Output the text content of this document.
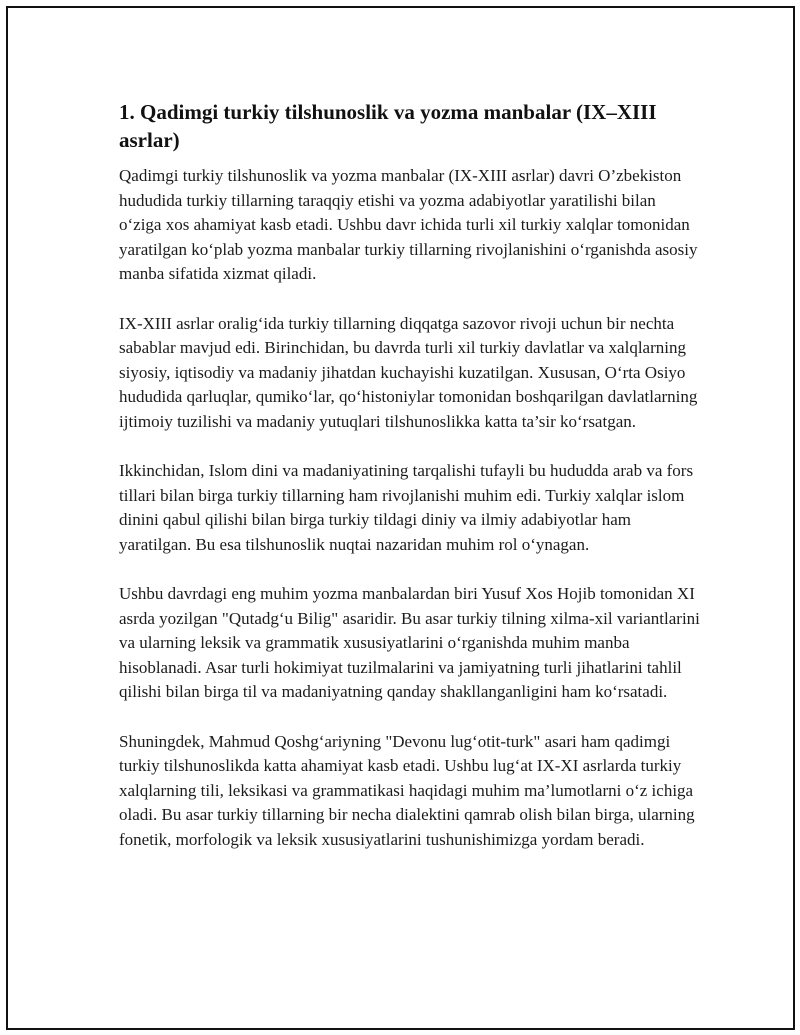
1. Qadimgi turkiy tilshunoslik va yozma manbalar (IX–XIII asrlar)

Qadimgi turkiy tilshunoslik va yozma manbalar (IX-XIII asrlar) davri O’zbekiston hududida turkiy tillarning taraqqiy etishi va yozma adabiyotlar yaratilishi bilan o‘ziga xos ahamiyat kasb etadi. Ushbu davr ichida turli xil turkiy xalqlar tomonidan yaratilgan ko‘plab yozma manbalar turkiy tillarning rivojlanishini o‘rganishda asosiy manba sifatida xizmat qiladi.

IX-XIII asrlar oralig‘ida turkiy tillarning diqqatga sazovor rivoji uchun bir nechta sabablar mavjud edi. Birinchidan, bu davrda turli xil turkiy davlatlar va xalqlarning siyosiy, iqtisodiy va madaniy jihatdan kuchayishi kuzatilgan. Xususan, O‘rta Osiyo hududida qarluqlar, qumiko‘lar, qo‘histoniylar tomonidan boshqarilgan davlatlarning ijtimoiy tuzilishi va madaniy yutuqlari tilshunoslikka katta ta’sir ko‘rsatgan.

Ikkinchidan, Islom dini va madaniyatining tarqalishi tufayli bu hududda arab va fors tillari bilan birga turkiy tillarning ham rivojlanishi muhim edi. Turkiy xalqlar islom dinini qabul qilishi bilan birga turkiy tildagi diniy va ilmiy adabiyotlar ham yaratilgan. Bu esa tilshunoslik nuqtai nazaridan muhim rol o‘ynagan.

Ushbu davrdagi eng muhim yozma manbalardan biri Yusuf Xos Hojib tomonidan XI asrda yozilgan "Qutadg‘u Bilig" asaridir. Bu asar turkiy tilning xilma-xil variantlarini va ularning leksik va grammatik xususiyatlarini o‘rganishda muhim manba hisoblanadi. Asar turli hokimiyat tuzilmalarini va jamiyatning turli jihatlarini tahlil qilishi bilan birga til va madaniyatning qanday shakllanganligini ham ko‘rsatadi.

Shuningdek, Mahmud Qoshg‘ariyning "Devonu lug‘otit-turk" asari ham qadimgi turkiy tilshunoslikda katta ahamiyat kasb etadi. Ushbu lug‘at IX-XI asrlarda turkiy xalqlarning tili, leksikasi va grammatikasi haqidagi muhim ma’lumotlarni o‘z ichiga oladi. Bu asar turkiy tillarning bir necha dialektini qamrab olish bilan birga, ularning fonetik, morfologik va leksik xususiyatlarini tushunishimizga yordam beradi.
